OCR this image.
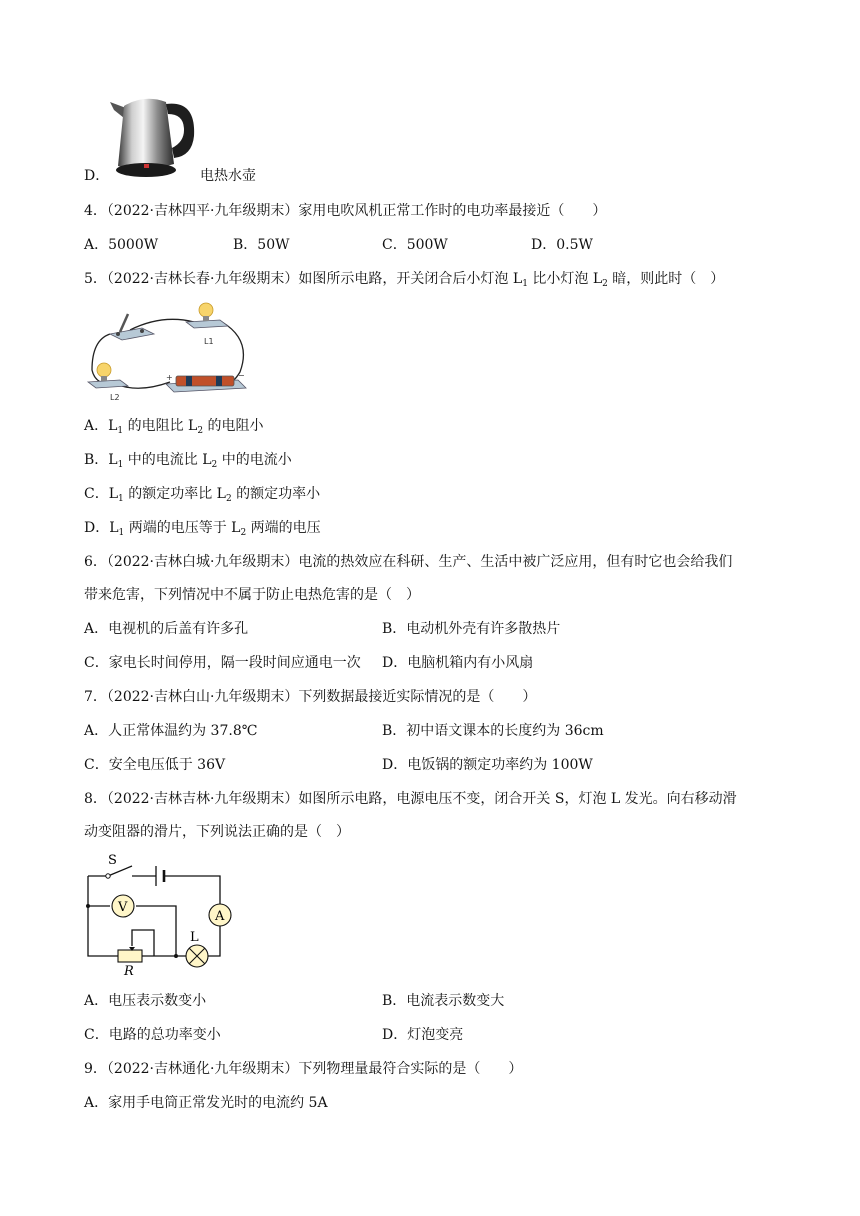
D．	电热水壶
4．（2022·吉林四平·九年级期末）家用电吹风机正常工作时的电功率最接近（　　）
A．5000W	B．50W	C．500W	D．0.5W
5．（2022·吉林长春·九年级期末）如图所示电路，开关闭合后小灯泡 $L_1$ 比小灯泡 $L_2$ 暗，则此时（　）
L1
L2
+	−
A．$L_1$ 的电阻比 $L_2$ 的电阻小
B．$L_1$ 中的电流比 $L_2$ 中的电流小
C．$L_1$ 的额定功率比 $L_2$ 的额定功率小
D．$L_1$ 两端的电压等于 $L_2$ 两端的电压
6．（2022·吉林白城·九年级期末）电流的热效应在科研、生产、生活中被广泛应用，但有时它也会给我们
带来危害，下列情况中不属于防止电热危害的是（　）
A．电视机的后盖有许多孔	B．电动机外壳有许多散热片
C．家电长时间停用，隔一段时间应通电一次 D．电脑机箱内有小风扇
7．（2022·吉林白山·九年级期末）下列数据最接近实际情况的是（　　）
A．人正常体温约为 37.8℃	B．初中语文课本的长度约为 36cm
C．安全电压低于 36V	D．电饭锅的额定功率约为 100W
8．（2022·吉林吉林·九年级期末）如图所示电路，电源电压不变，闭合开关 S，灯泡 L 发光。向右移动滑
动变阻器的滑片，下列说法正确的是（　）
S
V
A
L
R
A．电压表示数变小	B．电流表示数变大
C．电路的总功率变小	D．灯泡变亮
9．（2022·吉林通化·九年级期末）下列物理量最符合实际的是（　　）
A．家用手电筒正常发光时的电流约 5A
